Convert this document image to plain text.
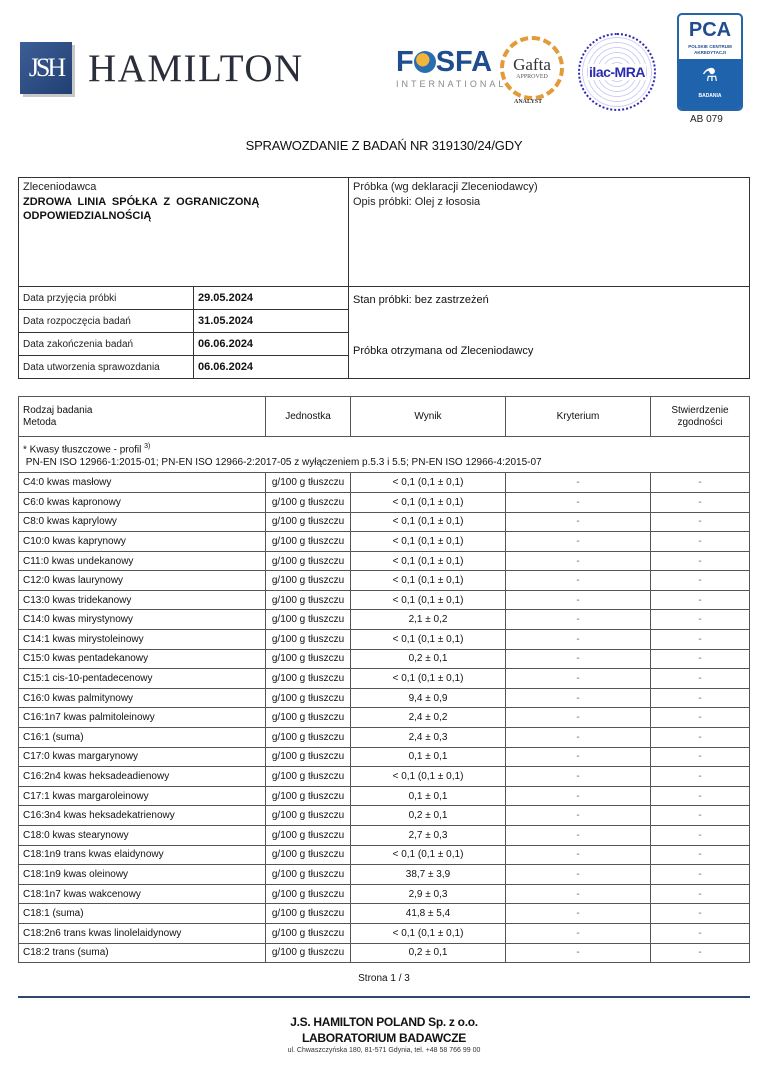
JSH HAMILTON	F SFA
INTERNATIONAL
Gafta
APPROVED
ANALYST
ilac-MRA
PCA
POLSKIE CENTRUM AKREDYTACJI
⚗
BADANIA
AB 079
SPRAWOZDANIE Z BADAŃ NR 319130/24/GDY
Zleceniodawca
ZDROWA LINIA SPÓŁKA Z OGRANICZONĄ ODPOWIEDZIALNOŚCIĄ

Próbka (wg deklaracji Zleceniodawcy)
Opis próbki: Olej z łososia

Data przyjęcia próbki	29.05.2024	Stan próbki: bez zastrzeżeń
Próbka otrzymana od Zleceniodawcy

Data rozpoczęcia badań	31.05.2024	
Data zakończenia badań	06.06.2024	
Data utworzenia sprawozdania	06.06.2024	
Rodzaj badania
Metoda	Jednostka	Wynik	Kryterium	Stwierdzenie
zgodności
* Kwasy tłuszczowe - profil $^{3)}$
PN-EN ISO 12966-1:2015-01; PN-EN ISO 12966-2:2017-05 z wyłączeniem p.5.3 i 5.5; PN-EN ISO 12966-4:2015-07				
C4:0 kwas masłowy	g/100 g tłuszczu	< 0,1 (0,1 ± 0,1)	-	-
C6:0 kwas kapronowy	g/100 g tłuszczu	< 0,1 (0,1 ± 0,1)	-	-
C8:0 kwas kaprylowy	g/100 g tłuszczu	< 0,1 (0,1 ± 0,1)	-	-
C10:0 kwas kaprynowy	g/100 g tłuszczu	< 0,1 (0,1 ± 0,1)	-	-
C11:0 kwas undekanowy	g/100 g tłuszczu	< 0,1 (0,1 ± 0,1)	-	-
C12:0 kwas laurynowy	g/100 g tłuszczu	< 0,1 (0,1 ± 0,1)	-	-
C13:0 kwas tridekanowy	g/100 g tłuszczu	< 0,1 (0,1 ± 0,1)	-	-
C14:0 kwas mirystynowy	g/100 g tłuszczu	2,1 ± 0,2	-	-
C14:1 kwas mirystoleinowy	g/100 g tłuszczu	< 0,1 (0,1 ± 0,1)	-	-
C15:0 kwas pentadekanowy	g/100 g tłuszczu	0,2 ± 0,1	-	-
C15:1 cis-10-pentadecenowy	g/100 g tłuszczu	< 0,1 (0,1 ± 0,1)	-	-
C16:0 kwas palmitynowy	g/100 g tłuszczu	9,4 ± 0,9	-	-
C16:1n7 kwas palmitoleinowy	g/100 g tłuszczu	2,4 ± 0,2	-	-
C16:1 (suma)	g/100 g tłuszczu	2,4 ± 0,3	-	-
C17:0 kwas margarynowy	g/100 g tłuszczu	0,1 ± 0,1	-	-
C16:2n4 kwas heksadeadienowy	g/100 g tłuszczu	< 0,1 (0,1 ± 0,1)	-	-
C17:1 kwas margaroleinowy	g/100 g tłuszczu	0,1 ± 0,1	-	-
C16:3n4 kwas heksadekatrienowy	g/100 g tłuszczu	0,2 ± 0,1	-	-
C18:0 kwas stearynowy	g/100 g tłuszczu	2,7 ± 0,3	-	-
C18:1n9 trans kwas elaidynowy	g/100 g tłuszczu	< 0,1 (0,1 ± 0,1)	-	-
C18:1n9 kwas oleinowy	g/100 g tłuszczu	38,7 ± 3,9	-	-
C18:1n7 kwas wakcenowy	g/100 g tłuszczu	2,9 ± 0,3	-	-
C18:1 (suma)	g/100 g tłuszczu	41,8 ± 5,4	-	-
C18:2n6 trans kwas linolelaidynowy	g/100 g tłuszczu	< 0,1 (0,1 ± 0,1)	-	-
C18:2 trans (suma)	g/100 g tłuszczu	0,2 ± 0,1	-	-
Strona 1 / 3
J.S. HAMILTON POLAND Sp. z o.o.
LABORATORIUM BADAWCZE
ul. Chwaszczyńska 180, 81-571 Gdynia, tel. +48 58 766 99 00
